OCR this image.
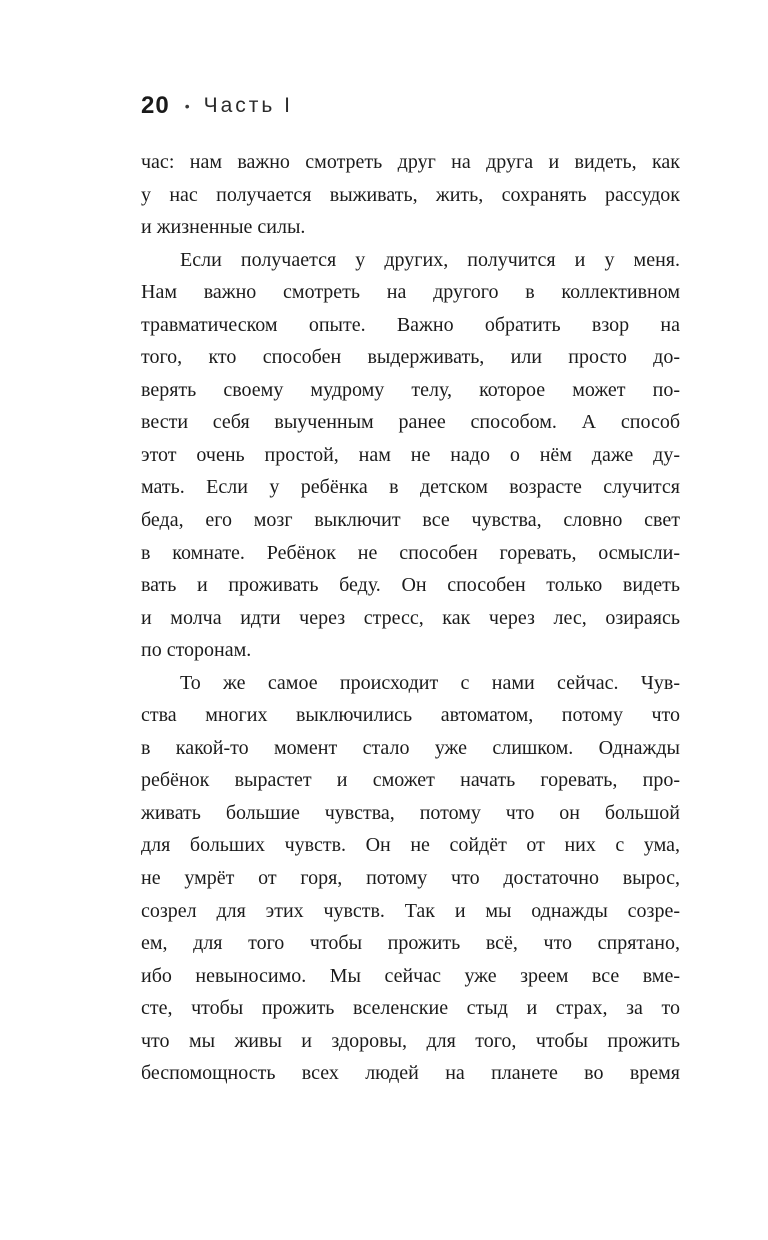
20 • Часть I
час: нам важно смотреть друг на друга и видеть, как
у нас получается выживать, жить, сохранять рассудок
и жизненные силы.
Если получается у других, получится и у меня.
Нам важно смотреть на другого в коллективном
травматическом опыте. Важно обратить взор на
того, кто способен выдерживать, или просто до-
верять своему мудрому телу, которое может по-
вести себя выученным ранее способом. А способ
этот очень простой, нам не надо о нём даже ду-
мать. Если у ребёнка в детском возрасте случится
беда, его мозг выключит все чувства, словно свет
в комнате. Ребёнок не способен горевать, осмысли-
вать и проживать беду. Он способен только видеть
и молча идти через стресс, как через лес, озираясь
по сторонам.
То же самое происходит с нами сейчас. Чув-
ства многих выключились автоматом, потому что
в какой-то момент стало уже слишком. Однажды
ребёнок вырастет и сможет начать горевать, про-
живать большие чувства, потому что он большой
для больших чувств. Он не сойдёт от них с ума,
не умрёт от горя, потому что достаточно вырос,
созрел для этих чувств. Так и мы однажды созре-
ем, для того чтобы прожить всё, что спрятано,
ибо невыносимо. Мы сейчас уже зреем все вме-
сте, чтобы прожить вселенские стыд и страх, за то
что мы живы и здоровы, для того, чтобы прожить
беспомощность всех людей на планете во время
